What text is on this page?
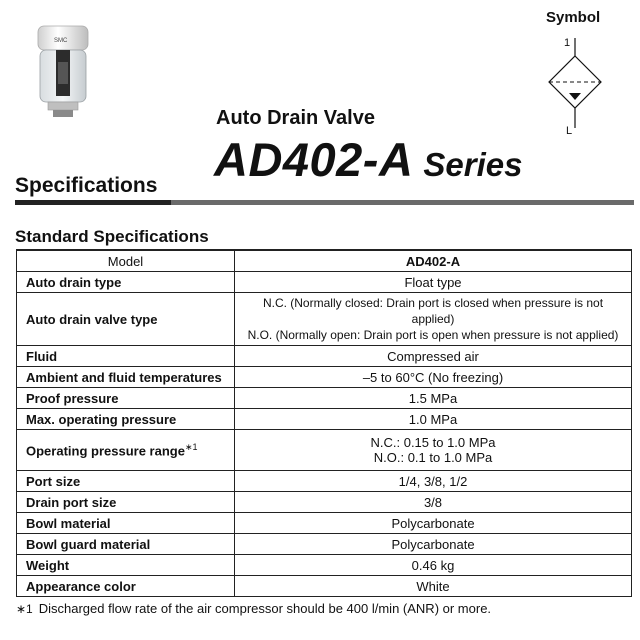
SMC
Symbol
1
L
Auto Drain Valve
AD402-A Series
Specifications
Standard Specifications
Model	AD402-A
Auto drain type	Float type
Auto drain valve type	N.C. (Normally closed: Drain port is closed when pressure is not applied)
N.O. (Normally open: Drain port is open when pressure is not applied)

Fluid	Compressed air
Ambient and fluid temperatures	–5 to 60°C (No freezing)
Proof pressure	1.5 MPa
Max. operating pressure	1.0 MPa
Operating pressure range$^{∗1}$	N.C.: 0.15 to 1.0 MPa
N.O.: 0.1 to 1.0 MPa

Port size	1/4, 3/8, 1/2
Drain port size	3/8
Bowl material	Polycarbonate
Bowl guard material	Polycarbonate
Weight	0.46 kg
Appearance color	White
∗1 Discharged flow rate of the air compressor should be 400 l/min (ANR) or more.
